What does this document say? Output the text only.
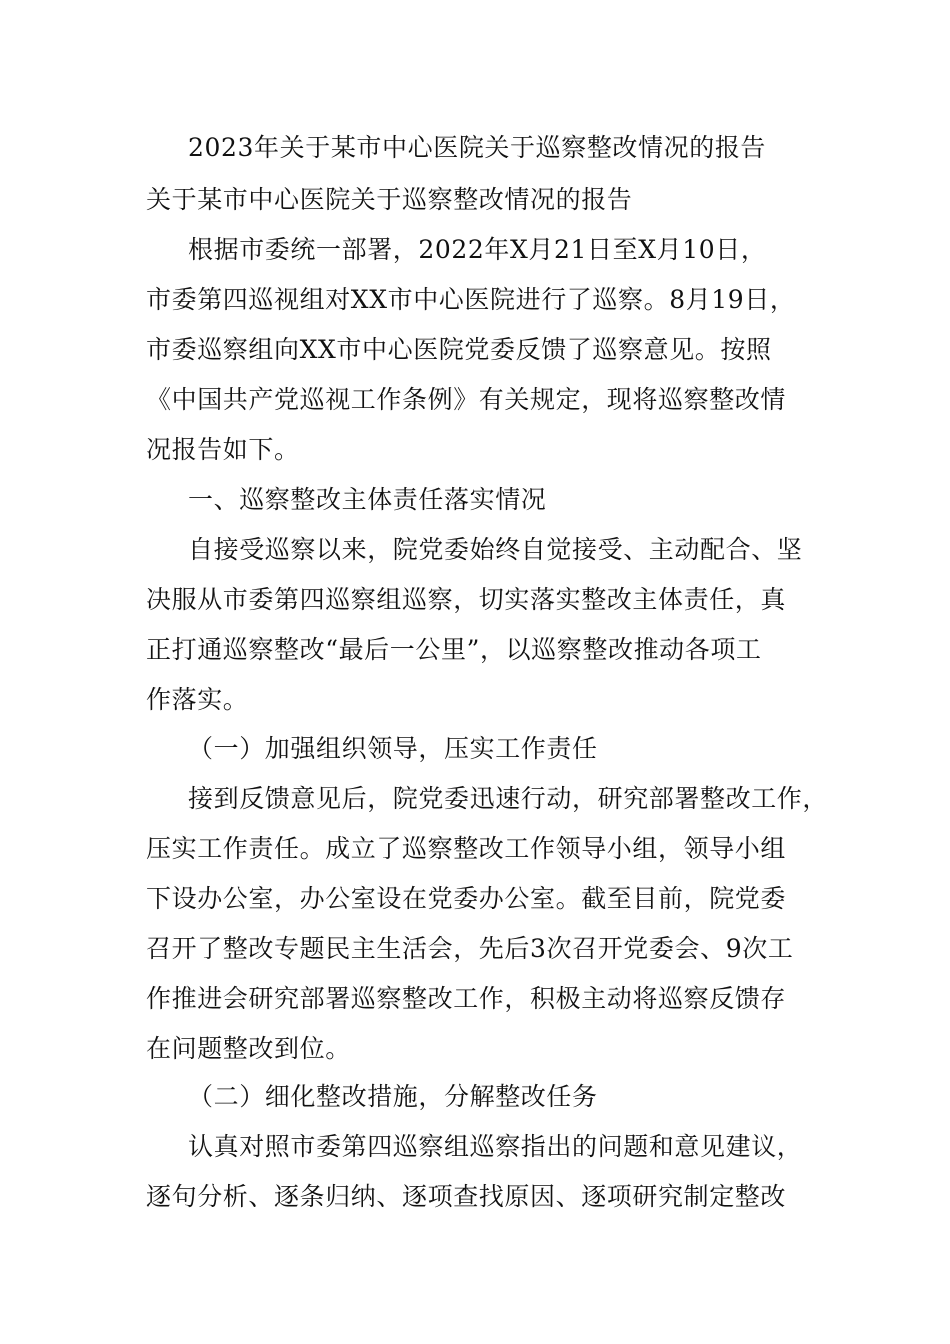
2023年关于某市中心医院关于巡察整改情况的报告
关于某市中心医院关于巡察整改情况的报告
根据市委统一部署，2022年X月21日至X月10日，
市委第四巡视组对XX市中心医院进行了巡察。8月19日，
市委巡察组向XX市中心医院党委反馈了巡察意见。按照
《中国共产党巡视工作条例》有关规定，现将巡察整改情
况报告如下。
一、巡察整改主体责任落实情况
自接受巡察以来，院党委始终自觉接受、主动配合、坚
决服从市委第四巡察组巡察，切实落实整改主体责任，真
正打通巡察整改“最后一公里”，以巡察整改推动各项工
作落实。
（一）加强组织领导，压实工作责任
接到反馈意见后，院党委迅速行动，研究部署整改工作，
压实工作责任。成立了巡察整改工作领导小组，领导小组
下设办公室，办公室设在党委办公室。截至目前，院党委
召开了整改专题民主生活会，先后3次召开党委会、9次工
作推进会研究部署巡察整改工作，积极主动将巡察反馈存
在问题整改到位。
（二）细化整改措施，分解整改任务
认真对照市委第四巡察组巡察指出的问题和意见建议，
逐句分析、逐条归纳、逐项查找原因、逐项研究制定整改
